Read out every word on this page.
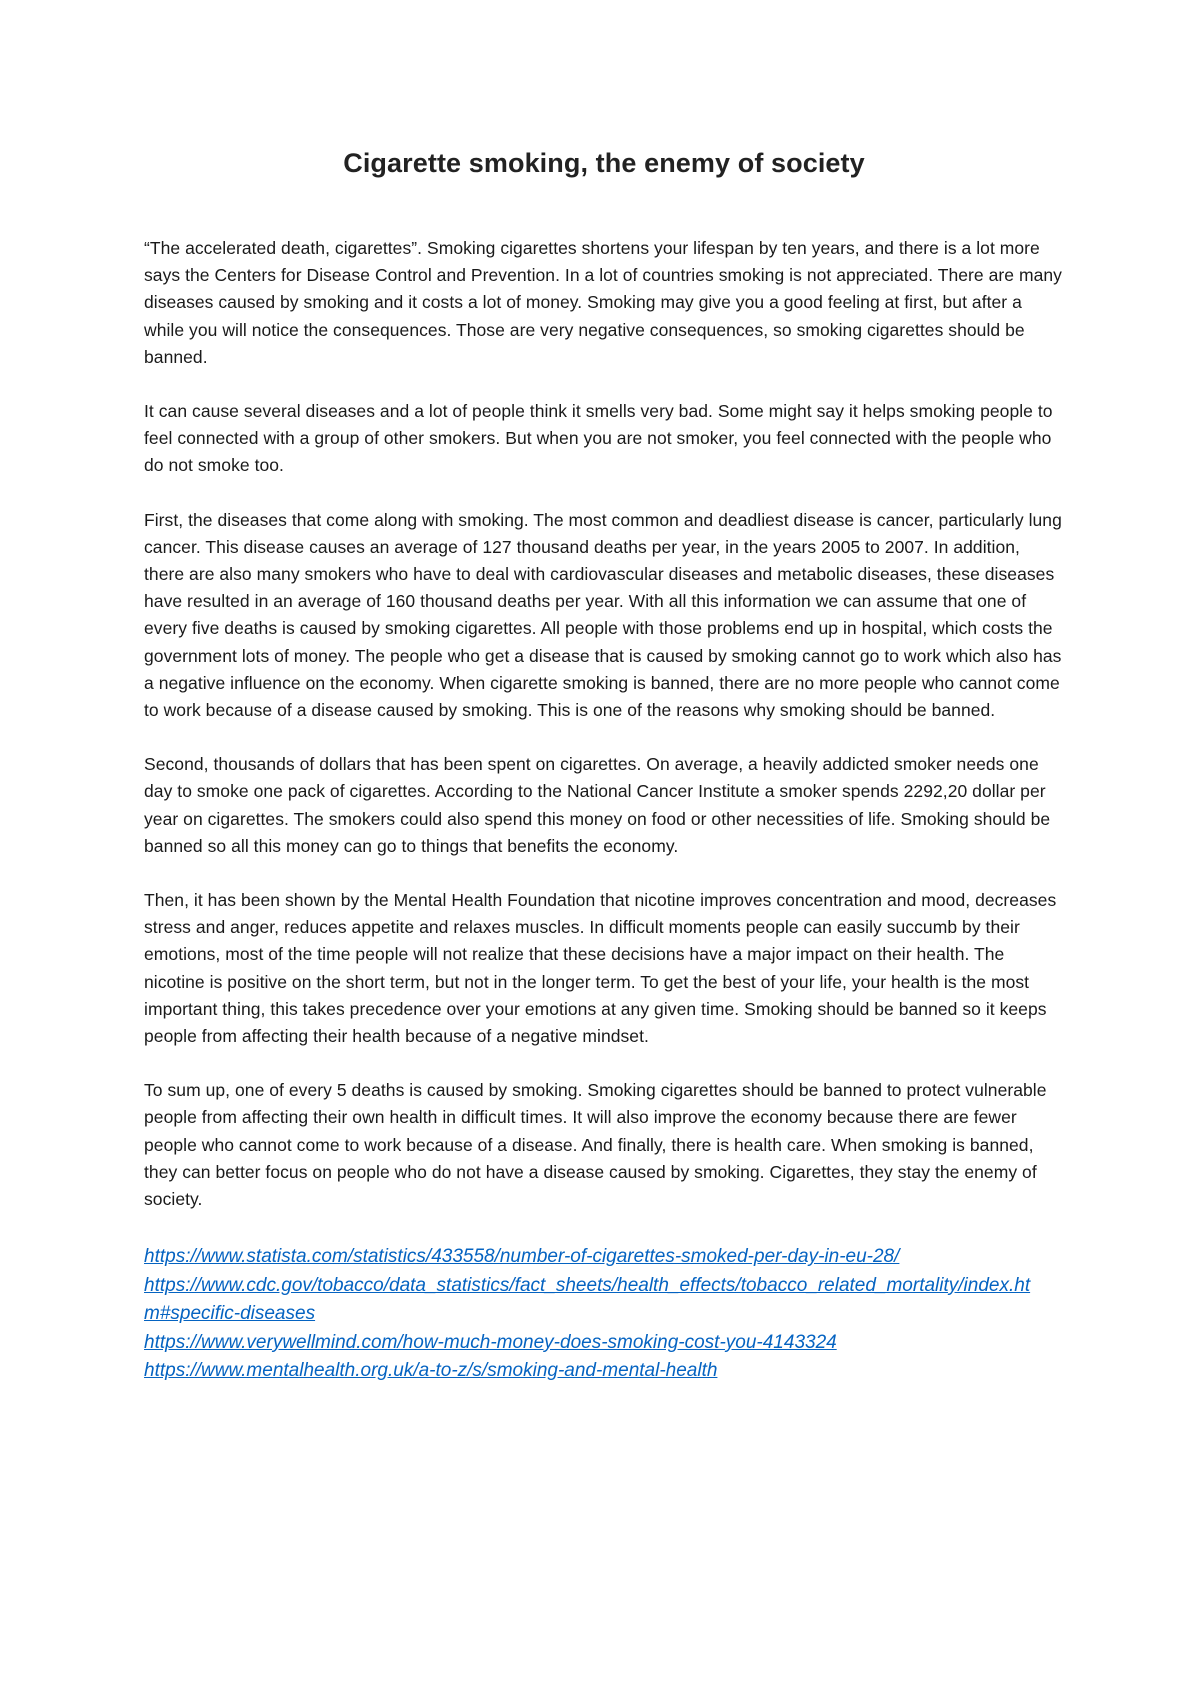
Cigarette smoking, the enemy of society

“The accelerated death, cigarettes”. Smoking cigarettes shortens your lifespan by ten years, and there is a lot more says the Centers for Disease Control and Prevention. In a lot of countries smoking is not appreciated. There are many diseases caused by smoking and it costs a lot of money. Smoking may give you a good feeling at first, but after a while you will notice the consequences. Those are very negative consequences, so smoking cigarettes should be banned.

It can cause several diseases and a lot of people think it smells very bad. Some might say it helps smoking people to feel connected with a group of other smokers. But when you are not smoker, you feel connected with the people who do not smoke too.

First, the diseases that come along with smoking. The most common and deadliest disease is cancer, particularly lung cancer. This disease causes an average of 127 thousand deaths per year, in the years 2005 to 2007. In addition, there are also many smokers who have to deal with cardiovascular diseases and metabolic diseases, these diseases have resulted in an average of 160 thousand deaths per year. With all this information we can assume that one of every five deaths is caused by smoking cigarettes. All people with those problems end up in hospital, which costs the government lots of money. The people who get a disease that is caused by smoking cannot go to work which also has a negative influence on the economy. When cigarette smoking is banned, there are no more people who cannot come to work because of a disease caused by smoking. This is one of the reasons why smoking should be banned.

Second, thousands of dollars that has been spent on cigarettes. On average, a heavily addicted smoker needs one day to smoke one pack of cigarettes. According to the National Cancer Institute a smoker spends 2292,20 dollar per year on cigarettes. The smokers could also spend this money on food or other necessities of life. Smoking should be banned so all this money can go to things that benefits the economy.

Then, it has been shown by the Mental Health Foundation that nicotine improves concentration and mood, decreases stress and anger, reduces appetite and relaxes muscles. In difficult moments people can easily succumb by their emotions, most of the time people will not realize that these decisions have a major impact on their health. The nicotine is positive on the short term, but not in the longer term. To get the best of your life, your health is the most important thing, this takes precedence over your emotions at any given time. Smoking should be banned so it keeps people from affecting their health because of a negative mindset.

To sum up, one of every 5 deaths is caused by smoking. Smoking cigarettes should be banned to protect vulnerable people from affecting their own health in difficult times. It will also improve the economy because there are fewer people who cannot come to work because of a disease. And finally, there is health care. When smoking is banned, they can better focus on people who do not have a disease caused by smoking. Cigarettes, they stay the enemy of society.

https://www.statista.com/statistics/433558/number-of-cigarettes-smoked-per-day-in-eu-28/
https://www.cdc.gov/tobacco/data_statistics/fact_sheets/health_effects/tobacco_related_mortality/index.htm#specific-diseases
https://www.verywellmind.com/how-much-money-does-smoking-cost-you-4143324
https://www.mentalhealth.org.uk/a-to-z/s/smoking-and-mental-health
